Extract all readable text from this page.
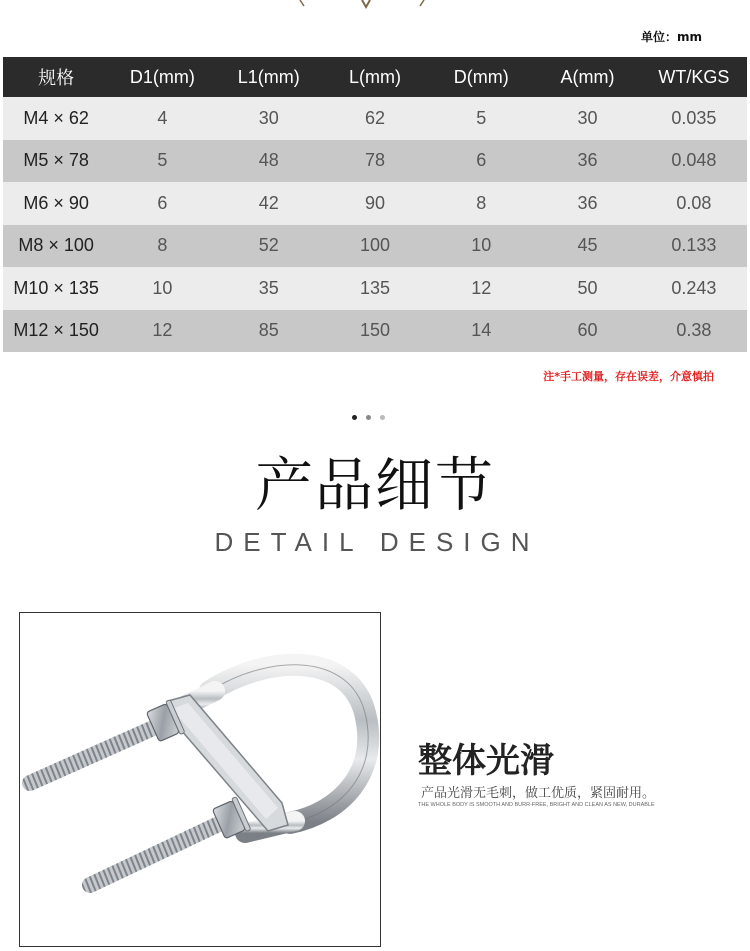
单位：mm
规格	D1(mm)	L1(mm)	L(mm)	D(mm)	A(mm)	WT/KGS
M4 × 62	4	30	62	5	30	0.035
M5 × 78	5	48	78	6	36	0.048
M6 × 90	6	42	90	8	36	0.08
M8 × 100	8	52	100	10	45	0.133
M10 × 135	10	35	135	12	50	0.243
M12 × 150	12	85	150	14	60	0.38
注*手工测量，存在误差，介意慎拍
产品细节
DETAIL DESIGN
整体光滑
产品光滑无毛刺，做工优质，紧固耐用。
THE WHOLE BODY IS SMOOTH AND BURR-FREE, BRIGHT AND CLEAN AS NEW, DURABLE
